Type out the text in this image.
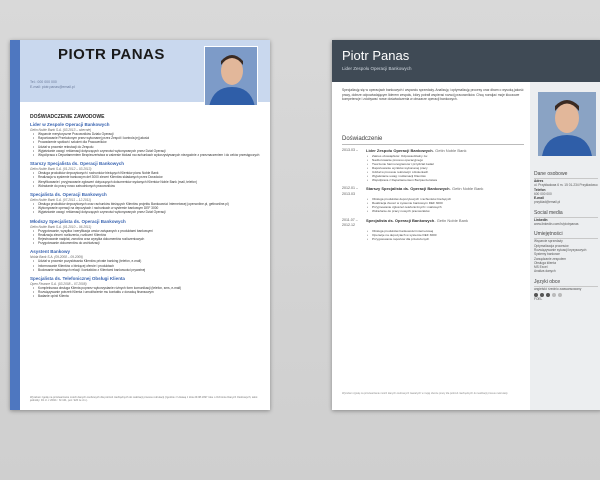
PIOTR PANAS
Tel.: 000 000 000
E-mail: piotr.panas@email.pl
DOŚWIADCZENIE ZAWODOWE
Lider w Zespole Operacji Bankowych
Getin Noble Bank S.A. (03.2013 – obecnie)
• Wsparcie merytoryczne Pracowników Działu Operacji
• Raportowanie Przełożonym przez wykonanej przez Zespół i kontrola jej jakości
• Prowadzenie spotkań i szkoleń dla Pracowników
• Udział w procesie rekrutacji do Zespołu
• Wyjaśnianie uwag i reklamacji dotyczących czynności wykonywanych przez Dział Operacji
• Współpraca z Departamentem Bezpieczeństwa w zakresie blokad na rachunkach wykorzystywanych niezgodnie z przeznaczeniem i do celów przestępczych
Starszy Specjalista ds. Operacji Bankowych
Getin Noble Bank S.A. (01.2012 – 03.2013)
• Obsługa produktów depozytowych i rachunków bieżących Klientów pionu Noble Bank
• Realizacja w systemie bankowym def 3000 zleceń Klientów składanych przez Doradców
• Weryfikowanie i przyjmowanie zgłoszeń dotyczących dokumentów wydanych Klientów Noble Bank (mail, telefon)
• Wdrażanie do pracy nowo zatrudnionych pracowników
Specjalista ds. Operacji Bankowych
Getin Noble Bank S.A. (07.2011 – 12.2011)
• Obsługa produktów depozytowych oraz rachunków bieżących Klientów projektu Bankowości Internetowej (openonline.pl, getinonline.pl)
• Wykonywanie operacji na depozytach i rachunkach w systemie bankowym DEF 3000
• Wyjaśnianie uwag i reklamacji dotyczących czynności wykonywanych przez Dział Operacji
Młodszy Specjalista ds. Operacji Bankowych
Getin Noble Bank S.A. (01.2010 – 06.2011)
• Przygotowanie, wysyłka i weryfikacja umów związanych z produktami bankowymi
• Realizacja zleceń rozliczenia, rozliczeń Klientów
• Rejestrowanie nadpłat, zwrotów oraz wysyłka dokumentów rozliczeniowych
• Przygotowanie dokumentów do archiwizacji
Asystent Bankowy
Nobla Bank S.A. (09.2008 – 09.2009)
• Udział w procesie pozyskiwania Klientów private banking (telefon, e-mail)
• Informowanie Klientów o bieżącej ofercie i produktach
• Budowanie właściwych relacji i kontaktów z Klientami bankowości prywatnej
Specjalista ds. Telefonicznej Obsługi Klienta
Open Finance S.A. (03.2008 – 07.2008)
• Kompleksowa obsługa Klienta poprzez wykorzystanie różnych form komunikacji (telefon, sms, e-mail)
• Rozwiązywanie potrzeb Klienta i umożliwienie mu kontaktu z doradcą finansowym
• Badanie opinii Klienta
Wyrażam zgodę na przetwarzanie moich danych osobowych dla potrzeb niezbędnych do realizacji procesu rekrutacji (zgodnie z Ustawą z dnia 29.08.1997 roku o Ochronie Danych Osobowych; tekst jednolity: Dz.U. z 2002 r. Nr 101, poz. 926 ze zm.).
Piotr Panas
Lider Zespołu Operacji Bankowych
Specjalizuję się w operacjach bankowych i wsparciu sprzedaży. Analizuję i optymalizuję procesy oraz dbam o wysoką jakość pracy, dobrze odpowiadającym liderem zespołu, który potrafi wspierać rozwój pracowników. Chcę rozwijać moje kluczowe kompetencje i zdobywać nowe doświadczenia w obszarze operacji bankowych.
Doświadczenie
2013.03 –	Lider Zespołu Operacji Bankowych - Getin Noble Bank
• Zakres obowiązków: Odpowiedzialny za:
• Nadzorowanie procesu operacyjnego
• Tworzenie harmonogramów i przydział zadań
• Raportowanie wyników wykonanej pracy
• Udział w procesie rekrutacji i szkoleniach
• Wyjaśnianie uwag i reklamacji Klientów
• Współpraca z Departamentem Bezpieczeństwa
2012.01 – 2013.03
Starszy Specjalista ds. Operacji Bankowych - Getin Noble Bank
• Obsługa produktów depozytowych i rachunków bieżących
• Realizacja zleceń w systemie bankowym DEF 3000
• Przyjmowanie zgłoszeń telefonicznych i mailowych
• Wdrażanie do pracy nowych pracowników
2011.07 – 2012.12
Specjalista ds. Operacji Bankowych - Getin Noble Bank
• Obsługa produktów bankowości internetowej
• Operacje na depozytach w systemie DEF 3000
• Przygotowanie raportów dla przełożonych
Wyrażam zgodę na przetwarzanie moich danych osobowych zawartych w mojej ofercie pracy dla potrzeb niezbędnych do realizacji procesu rekrutacji.
Dane osobowe
Adres
ul. Przykładowa 6 m. 15 01-234 Przykładowo
Telefon
600 000 000
E-mail
przyklad@email.pl
Social media
LinkedIn
www.linkedin.com/in/piotrpanas
Umiejętności
Wsparcie sprzedaży
Optymalizacja procesów
Rozwiązywanie sytuacji kryzysowych
Systemy bankowe
Zarządzanie zespołem
Obsługa klienta
MS Excel
Analiza danych
Języki obce
angielski: średnio zaawansowany
FOEL
